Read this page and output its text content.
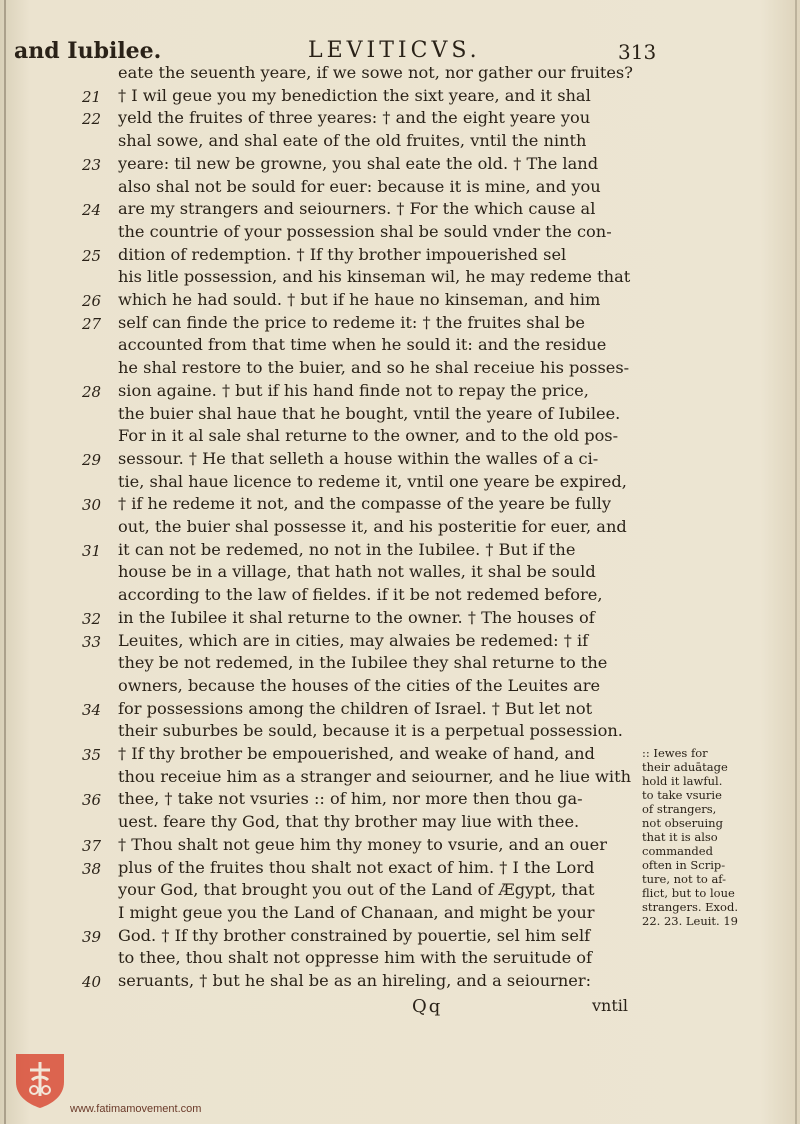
and Iubilee.	LEVITICVS.	313
eate the seuenth yeare, if we sowe not, nor gather our fruites?
21	† I wil geue you my benediction the sixt yeare, and it shal
22	yeld the fruites of three yeares: † and the eight yeare you
shal sowe, and shal eate of the old fruites, vntil the ninth
23	yeare: til new be growne, you shal eate the old. † The land
also shal not be sould for euer: because it is mine, and you
24	are my strangers and seiourners. † For the which cause al
the countrie of your possession shal be sould vnder the con-
25	dition of redemption. † If thy brother impouerished sel
his litle possession, and his kinseman wil, he may redeme that
26	which he had sould. † but if he haue no kinseman, and him
27	self can finde the price to redeme it: † the fruites shal be
accounted from that time when he sould it: and the residue
he shal restore to the buier, and so he shal receiue his posses-
28	sion againe. † but if his hand finde not to repay the price,
the buier shal haue that he bought, vntil the yeare of Iubilee.
For in it al sale shal returne to the owner, and to the old pos-
29	sessour. † He that selleth a house within the walles of a ci-
tie, shal haue licence to redeme it, vntil one yeare be expired,
30	† if he redeme it not, and the compasse of the yeare be fully
out, the buier shal possesse it, and his posteritie for euer, and
31	it can not be redemed, no not in the Iubilee. † But if the
house be in a village, that hath not walles, it shal be sould
according to the law of fieldes. if it be not redemed before,
32	in the Iubilee it shal returne to the owner. † The houses of
33	Leuites, which are in cities, may alwaies be redemed: † if
they be not redemed, in the Iubilee they shal returne to the
owners, because the houses of the cities of the Leuites are
34	for possessions among the children of Israel. † But let not
their suburbes be sould, because it is a perpetual possession.
35	† If thy brother be empouerished, and weake of hand, and
thou receiue him as a stranger and seiourner, and he liue with
36	thee, † take not vsuries :: of him, nor more then thou ga-
uest. feare thy God, that thy brother may liue with thee.
37	† Thou shalt not geue him thy money to vsurie, and an ouer
38	plus of the fruites thou shalt not exact of him. † I the Lord
your God, that brought you out of the Land of Ægypt, that
I might geue you the Land of Chanaan, and might be your
39	God. † If thy brother constrained by pouertie, sel him self
to thee, thou shalt not oppresse him with the seruitude of
40	seruants, † but he shal be as an hireling, and a seiourner:
:: Iewes for
their aduātage
hold it lawful.
to take vsurie
of strangers,
not obseruing
that it is also
commanded
often in Scrip-
ture, not to af-
flict, but to loue
strangers. Exod.
22. 23. Leuit. 19
Qq	vntil
www.fatimamovement.com
